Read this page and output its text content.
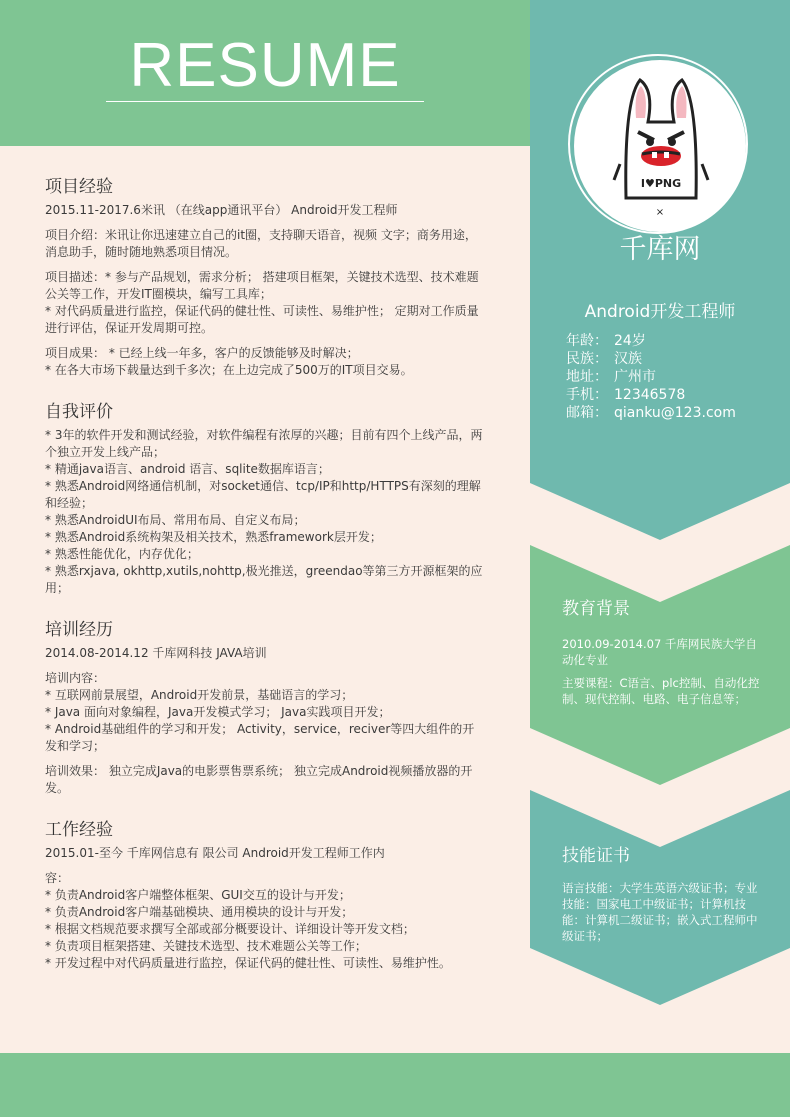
RESUME
I♥PNG
×
千库网
Android开发工程师
年龄： 24岁
民族： 汉族
地址： 广州市
手机： 12346578
邮箱： qianku@123.com
教育背景
2010.09-2014.07 千库网民族大学自动化专业
主要课程：C语言、plc控制、自动化控制、现代控制、电路、电子信息等；
技能证书
语言技能：大学生英语六级证书；专业技能：国家电工中级证书；计算机技能：计算机二级证书；嵌入式工程师中级证书；
项目经验

2015.11-2017.6米讯 （在线app通讯平台） Android开发工程师

项目介绍：米讯让你迅速建立自己的it圈，支持聊天语音，视频 文字；商务用途，消息助手，随时随地熟悉项目情况。

项目描述：* 参与产品规划，需求分析； 搭建项目框架，关键技术选型、技术难题公关等工作，开发IT圈模块，编写工具库；

* 对代码质量进行监控，保证代码的健壮性、可读性、易维护性； 定期对工作质量进行评估，保证开发周期可控。

项目成果： * 已经上线一年多，客户的反馈能够及时解决；

* 在各大市场下载量达到千多次；在上边完成了500万的IT项目交易。

自我评价

* 3年的软件开发和测试经验，对软件编程有浓厚的兴趣；目前有四个上线产品，两个独立开发上线产品；

* 精通java语言、android 语言、sqlite数据库语言；

* 熟悉Android网络通信机制，对socket通信、tcp/IP和http/HTTPS有深刻的理解和经验；

* 熟悉AndroidUI布局、常用布局、自定义布局；

* 熟悉Android系统构架及相关技术，熟悉framework层开发；

* 熟悉性能优化，内存优化；

* 熟悉rxjava, okhttp,xutils,nohttp,极光推送，greendao等第三方开源框架的应用；

培训经历

2014.08-2014.12 千库网科技 JAVA培训

培训内容：

* 互联网前景展望，Android开发前景，基础语言的学习；

* Java 面向对象编程，Java开发模式学习； Java实践项目开发；

* Android基础组件的学习和开发； Activity，service，reciver等四大组件的开发和学习；

培训效果： 独立完成Java的电影票售票系统； 独立完成Android视频播放器的开发。

工作经验

2015.01-至今 千库网信息有 限公司 Android开发工程师工作内

容：

* 负责Android客户端整体框架、GUI交互的设计与开发；

* 负责Android客户端基础模块、通用模块的设计与开发；

* 根据文档规范要求撰写全部或部分概要设计、详细设计等开发文档；

* 负责项目框架搭建、关键技术选型、技术难题公关等工作；

* 开发过程中对代码质量进行监控，保证代码的健壮性、可读性、易维护性。
